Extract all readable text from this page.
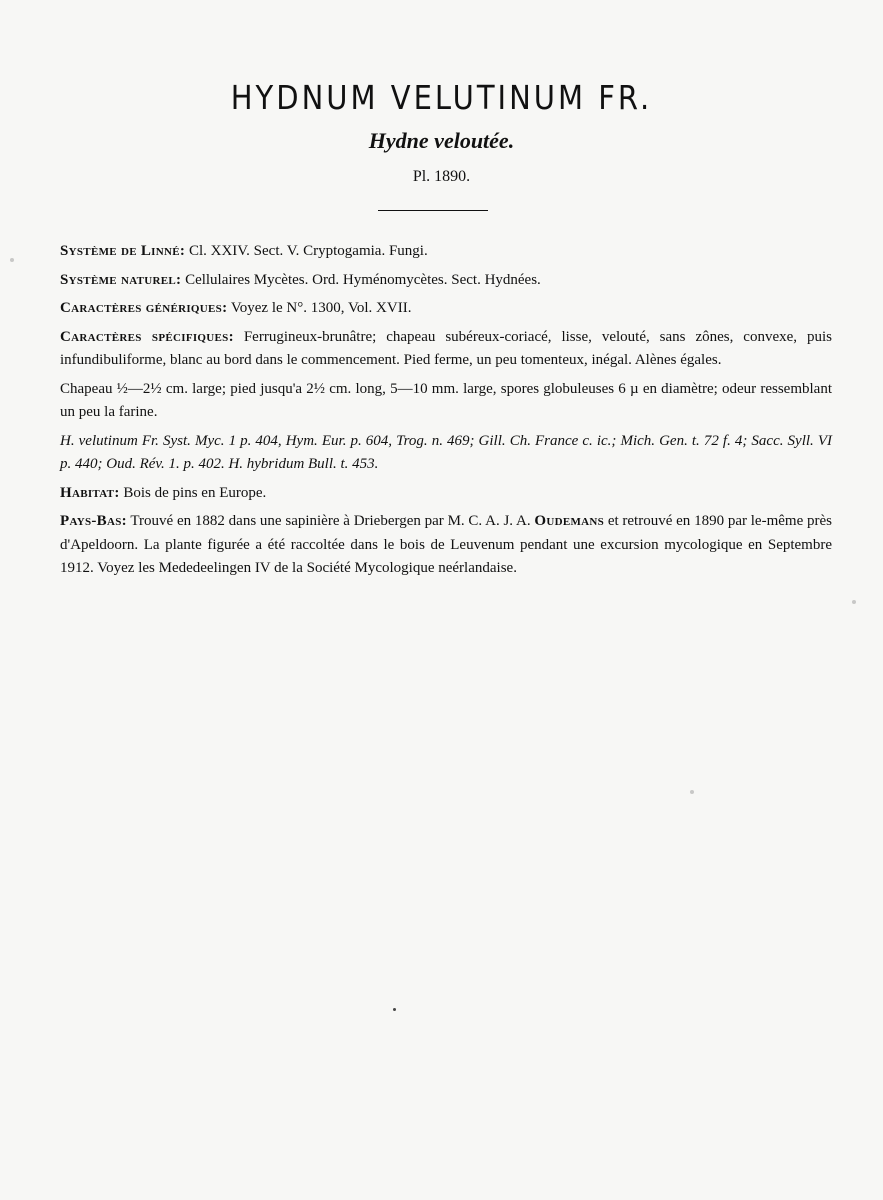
HYDNUM VELUTINUM FR.
Hydne veloutée.
Pl. 1890.

Système de Linné: Cl. XXIV. Sect. V. Cryptogamia. Fungi.

Système naturel: Cellulaires Mycètes. Ord. Hyménomycètes. Sect. Hydnées.

Caractères génériques: Voyez le N°. 1300, Vol. XVII.

Caractères spécifiques: Ferrugineux-brunâtre; chapeau subéreux-coriacé, lisse, velouté, sans zônes, convexe, puis infundibuliforme, blanc au bord dans le commencement. Pied ferme, un peu tomenteux, inégal. Alènes égales.

Chapeau ½—2½ cm. large; pied jusqu'a 2½ cm. long, 5—10 mm. large, spores globuleuses 6 µ en diamètre; odeur ressemblant un peu la farine.

H. velutinum Fr. Syst. Myc. 1 p. 404, Hym. Eur. p. 604, Trog. n. 469; Gill. Ch. France c. ic.; Mich. Gen. t. 72 f. 4; Sacc. Syll. VI p. 440; Oud. Rév. 1. p. 402. H. hybridum Bull. t. 453.

Habitat: Bois de pins en Europe.

Pays-Bas: Trouvé en 1882 dans une sapinière à Driebergen par M. C. A. J. A. Oudemans et retrouvé en 1890 par le-même près d'Apeldoorn. La plante figurée a été raccoltée dans le bois de Leuvenum pendant une excursion mycologique en Septembre 1912. Voyez les Mededeelingen IV de la Société Mycologique neérlandaise.
